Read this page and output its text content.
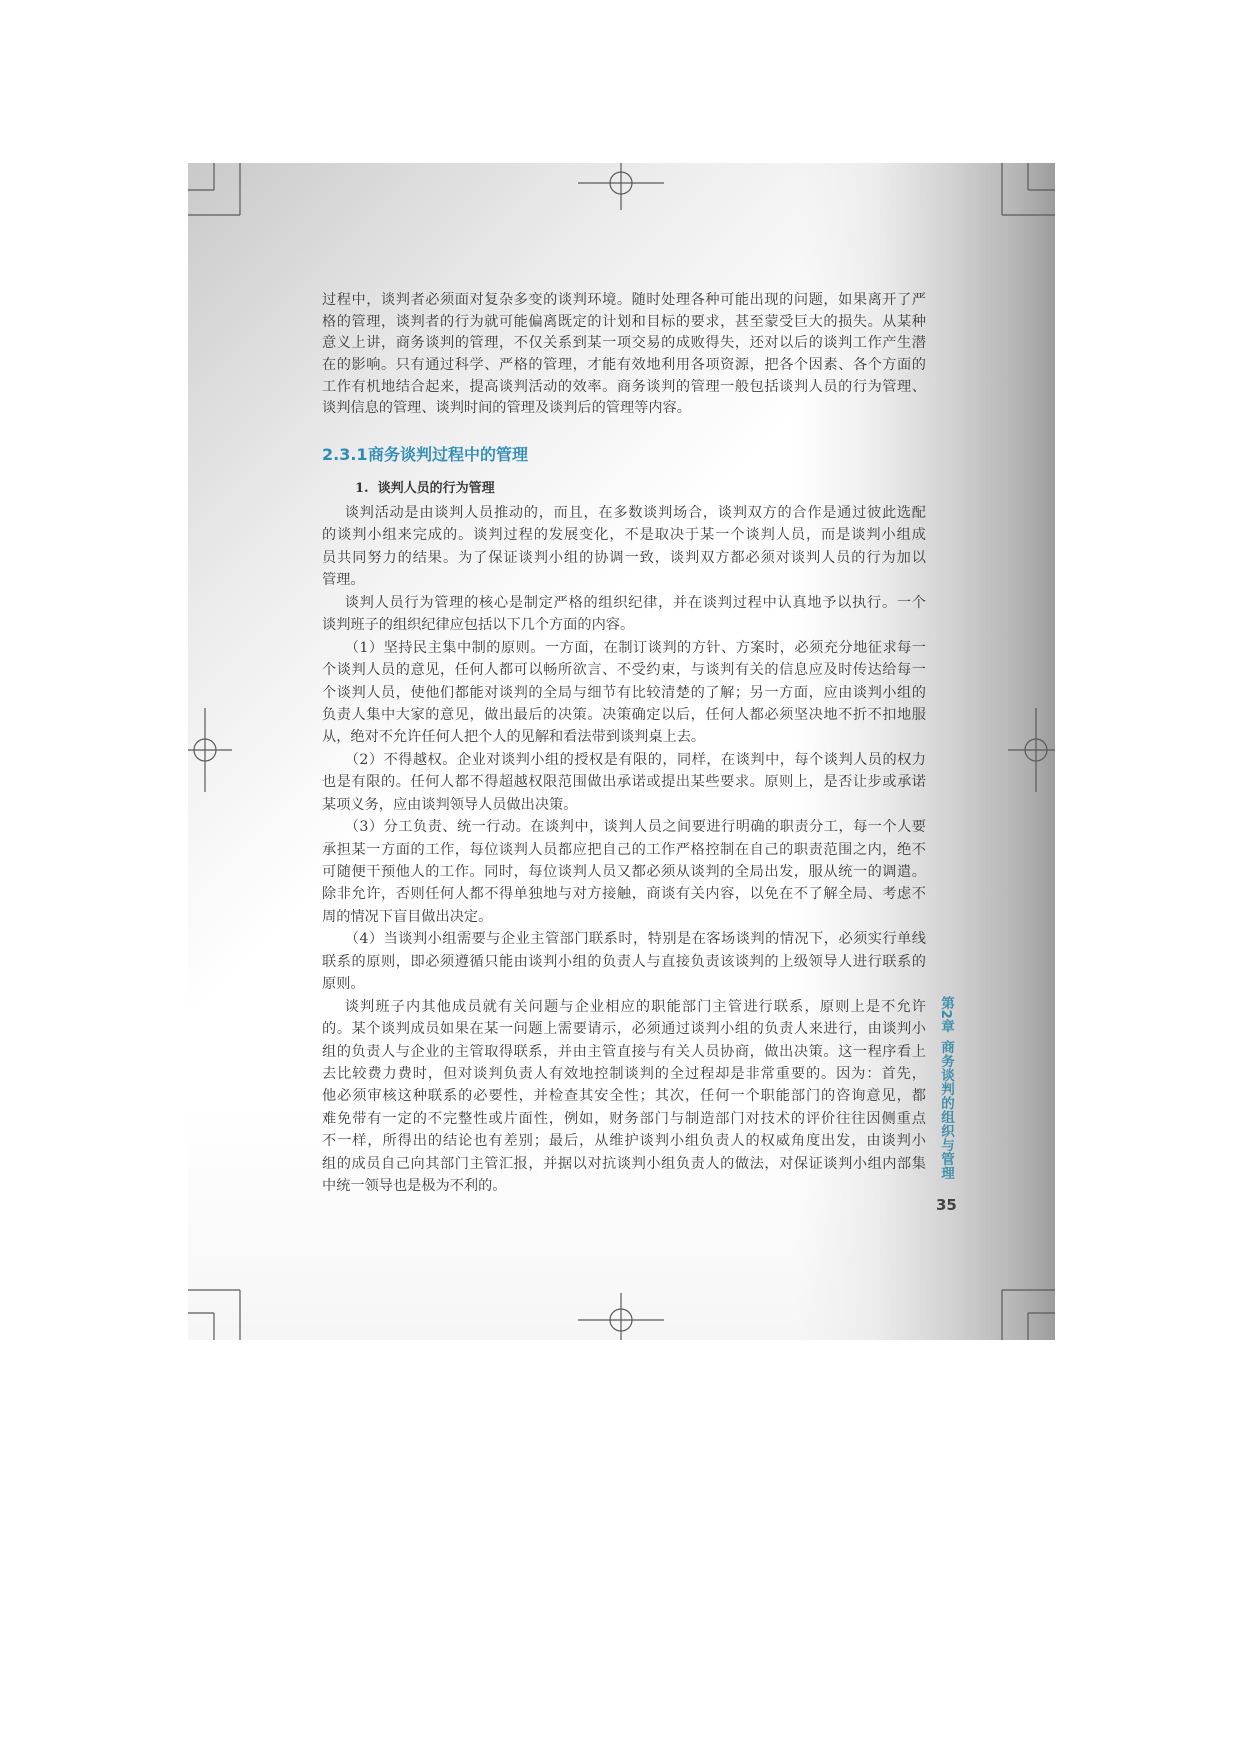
过程中，谈判者必须面对复杂多变的谈判环境。随时处理各种可能出现的问题，如果离开了严
格的管理，谈判者的行为就可能偏离既定的计划和目标的要求，甚至蒙受巨大的损失。从某种
意义上讲，商务谈判的管理，不仅关系到某一项交易的成败得失，还对以后的谈判工作产生潜
在的影响。只有通过科学、严格的管理，才能有效地利用各项资源，把各个因素、各个方面的
工作有机地结合起来，提高谈判活动的效率。商务谈判的管理一般包括谈判人员的行为管理、
谈判信息的管理、谈判时间的管理及谈判后的管理等内容。
2.3.1商务谈判过程中的管理
1.  谈判人员的行为管理
谈判活动是由谈判人员推动的，而且，在多数谈判场合，谈判双方的合作是通过彼此选配
的谈判小组来完成的。谈判过程的发展变化，不是取决于某一个谈判人员，而是谈判小组成
员共同努力的结果。为了保证谈判小组的协调一致，谈判双方都必须对谈判人员的行为加以
管理。
谈判人员行为管理的核心是制定严格的组织纪律，并在谈判过程中认真地予以执行。一个
谈判班子的组织纪律应包括以下几个方面的内容。
（1）坚持民主集中制的原则。一方面，在制订谈判的方针、方案时，必须充分地征求每一
个谈判人员的意见，任何人都可以畅所欲言、不受约束，与谈判有关的信息应及时传达给每一
个谈判人员，使他们都能对谈判的全局与细节有比较清楚的了解；另一方面，应由谈判小组的
负责人集中大家的意见，做出最后的决策。决策确定以后，任何人都必须坚决地不折不扣地服
从，绝对不允许任何人把个人的见解和看法带到谈判桌上去。
（2）不得越权。企业对谈判小组的授权是有限的，同样，在谈判中，每个谈判人员的权力
也是有限的。任何人都不得超越权限范围做出承诺或提出某些要求。原则上，是否让步或承诺
某项义务，应由谈判领导人员做出决策。
（3）分工负责、统一行动。在谈判中，谈判人员之间要进行明确的职责分工，每一个人要
承担某一方面的工作，每位谈判人员都应把自己的工作严格控制在自己的职责范围之内，绝不
可随便干预他人的工作。同时，每位谈判人员又都必须从谈判的全局出发，服从统一的调遣。
除非允许，否则任何人都不得单独地与对方接触，商谈有关内容，以免在不了解全局、考虑不
周的情况下盲目做出决定。
（4）当谈判小组需要与企业主管部门联系时，特别是在客场谈判的情况下，必须实行单线
联系的原则，即必须遵循只能由谈判小组的负责人与直接负责该谈判的上级领导人进行联系的
原则。
谈判班子内其他成员就有关问题与企业相应的职能部门主管进行联系，原则上是不允许
的。某个谈判成员如果在某一问题上需要请示，必须通过谈判小组的负责人来进行，由谈判小
组的负责人与企业的主管取得联系，并由主管直接与有关人员协商，做出决策。这一程序看上
去比较费力费时，但对谈判负责人有效地控制谈判的全过程却是非常重要的。因为：首先，
他必须审核这种联系的必要性，并检查其安全性；其次，任何一个职能部门的咨询意见，都
难免带有一定的不完整性或片面性，例如，财务部门与制造部门对技术的评价往往因侧重点
不一样，所得出的结论也有差别；最后，从维护谈判小组负责人的权威角度出发，由谈判小
组的成员自己向其部门主管汇报，并据以对抗谈判小组负责人的做法，对保证谈判小组内部集
中统一领导也是极为不利的。
第2章
商务谈判的组织与管理
35
